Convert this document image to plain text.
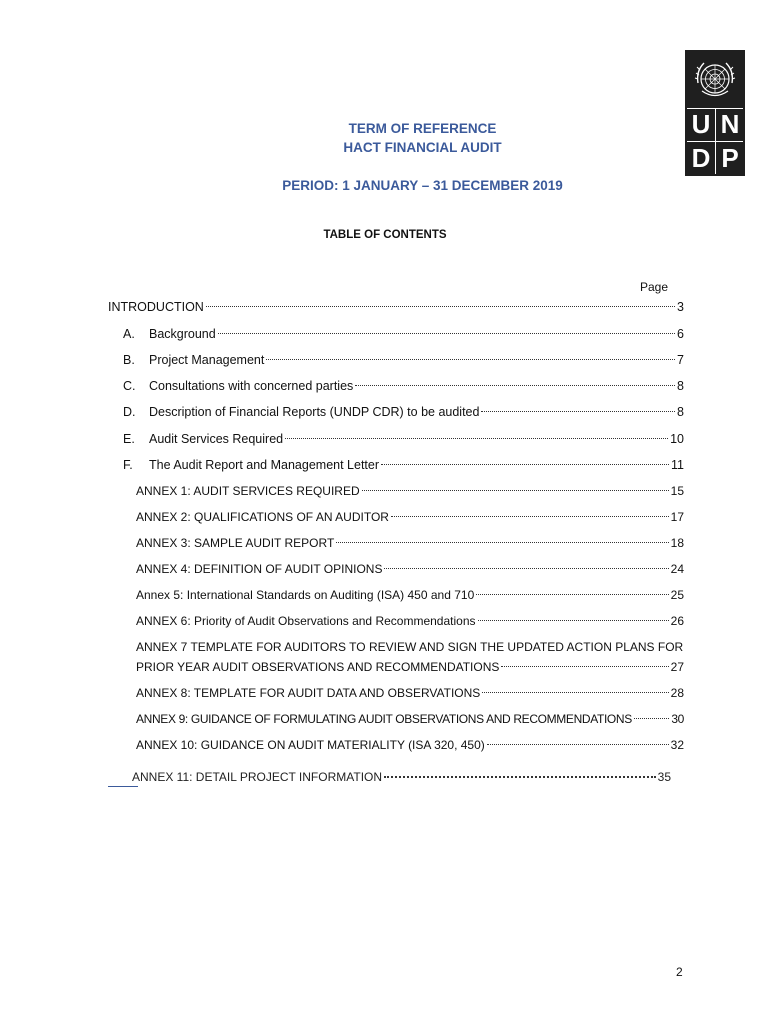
U N
D P
TERM OF REFERENCE
HACT FINANCIAL AUDIT
PERIOD: 1 JANUARY – 31 DECEMBER 2019
TABLE OF CONTENTS
Page
INTRODUCTION	3
A.	Background	6
B.	Project Management	7
C.	Consultations with concerned parties	8
D.	Description of Financial Reports (UNDP CDR) to be audited	8
E.	Audit Services Required	10
F.	The Audit Report and Management Letter	11
ANNEX 1: AUDIT SERVICES REQUIRED	15
ANNEX 2: QUALIFICATIONS OF AN AUDITOR	17
ANNEX 3: SAMPLE AUDIT REPORT	18
ANNEX 4: DEFINITION OF AUDIT OPINIONS	24
Annex 5: International Standards on Auditing (ISA) 450 and 710	25
ANNEX 6: Priority of Audit Observations and Recommendations	26
ANNEX 7 TEMPLATE FOR AUDITORS TO REVIEW AND SIGN THE UPDATED ACTION PLANS FOR
PRIOR YEAR AUDIT OBSERVATIONS AND RECOMMENDATIONS	27
ANNEX 8: TEMPLATE FOR AUDIT DATA AND OBSERVATIONS	28
ANNEX 9: GUIDANCE OF FORMULATING AUDIT OBSERVATIONS AND RECOMMENDATIONS	30
ANNEX 10: GUIDANCE ON AUDIT MATERIALITY (ISA 320, 450)	32
ANNEX 11: DETAIL PROJECT INFORMATION	35
2
